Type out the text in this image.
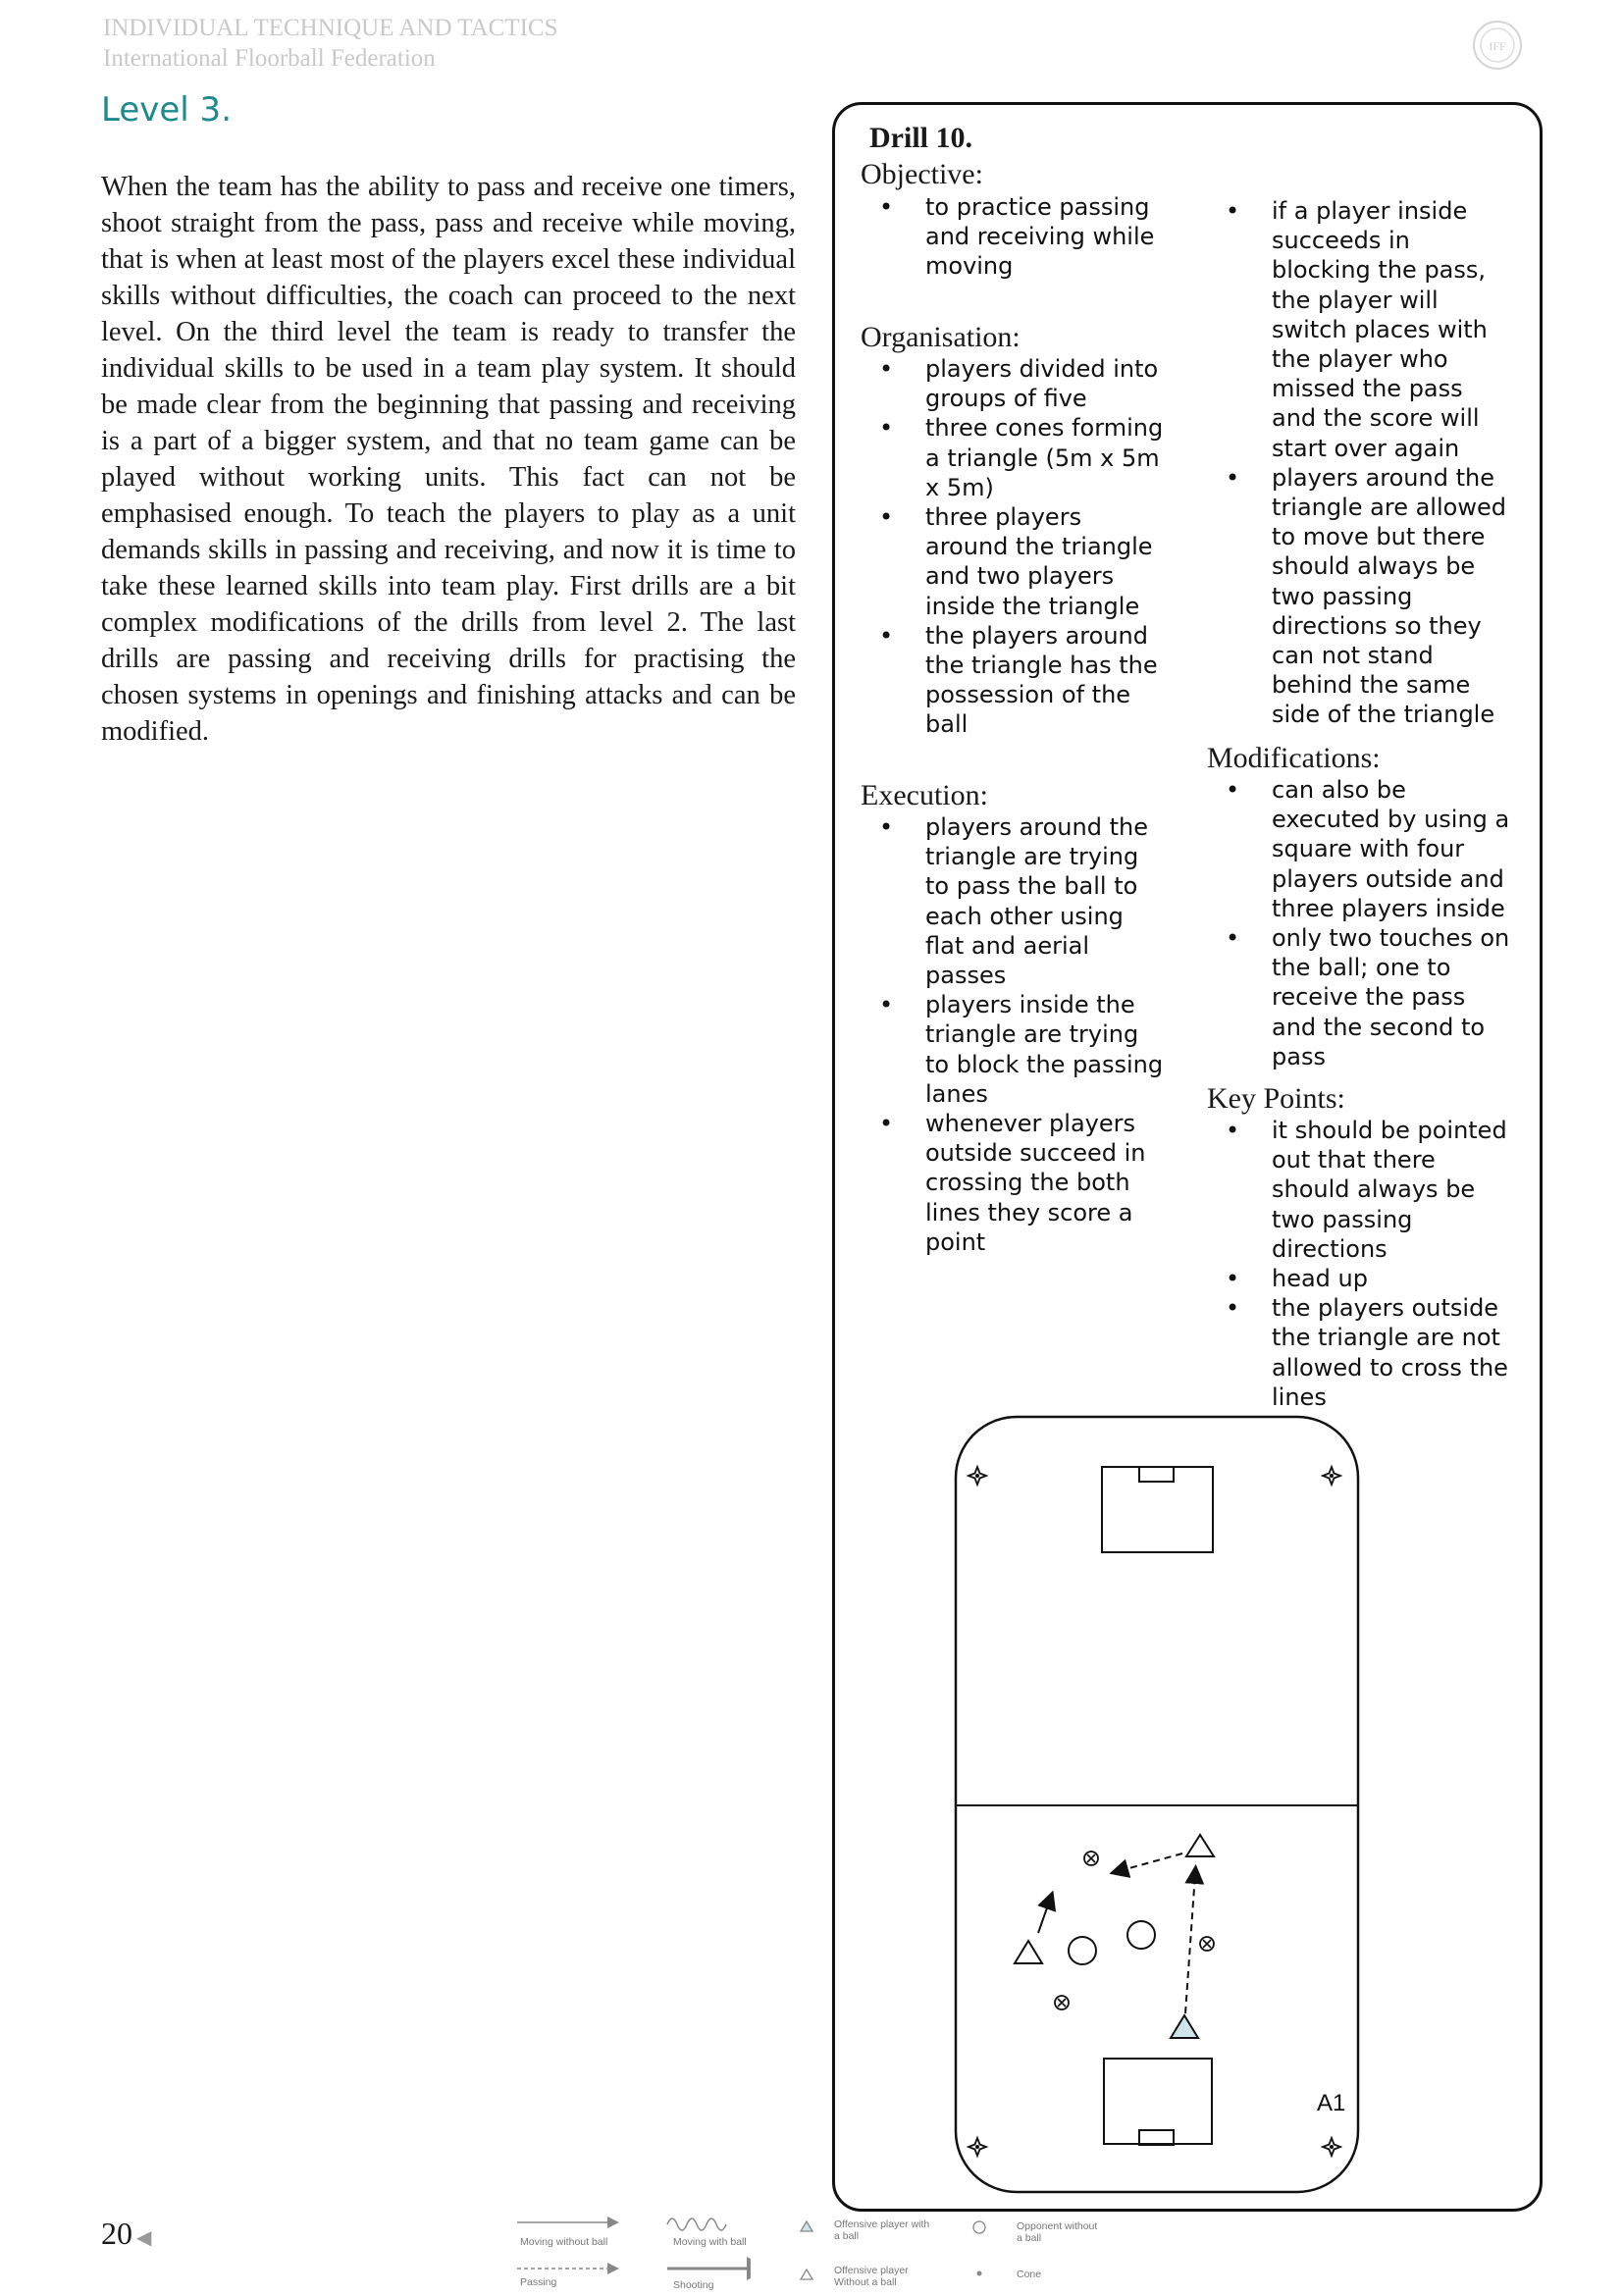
INDIVIDUAL TECHNIQUE AND TACTICS
International Floorball Federation	IFF
Level 3.

When the team has the ability to pass and receive one timers, shoot straight from the pass, pass and receive while moving, that is when at least most of the players excel these individual skills without difficulties, the coach can proceed to the next level. On the third level the team is ready to transfer the individual skills to be used in a team play system. It should be made clear from the beginning that passing and receiving is a part of a bigger system, and that no team game can be played without working units. This fact can not be emphasised enough. To teach the players to play as a unit demands skills in passing and receiving, and now it is time to take these learned skills into team play. First drills are a bit complex modifications of the drills from level 2. The last drills are passing and receiving drills for practising the chosen systems in openings and finishing attacks and can be modified.

Drill 10.
Objective:
• to practice passing and receiving while moving
Organisation:
• players divided into groups of five
• three cones forming a triangle (5m x 5m x 5m)
• three players around the triangle and two players inside the triangle
• the players around the triangle has the possession of the ball
Execution:
• players around the triangle are trying to pass the ball to each other using flat and aerial passes
• players inside the triangle are trying to block the passing lanes
• whenever players outside succeed in crossing the both lines they score a point
• if a player inside succeeds in blocking the pass, the player will switch places with the player who missed the pass and the score will start over again
• players around the triangle are allowed to move but there should always be two passing directions so they can not stand behind the same side of the triangle
Modifications:
• can also be executed by using a square with four players outside and three players inside
• only two touches on the ball; one to receive the pass and the second to pass
Key Points:
• it should be pointed out that there should always be two passing directions
• head up
• the players outside the triangle are not allowed to cross the lines
A1
20 ◀	Moving without ball
Passing
Moving with ball
Shooting
Offensive player with
a ball
Offensive player
Without a ball
Opponent without
a ball
Cone
